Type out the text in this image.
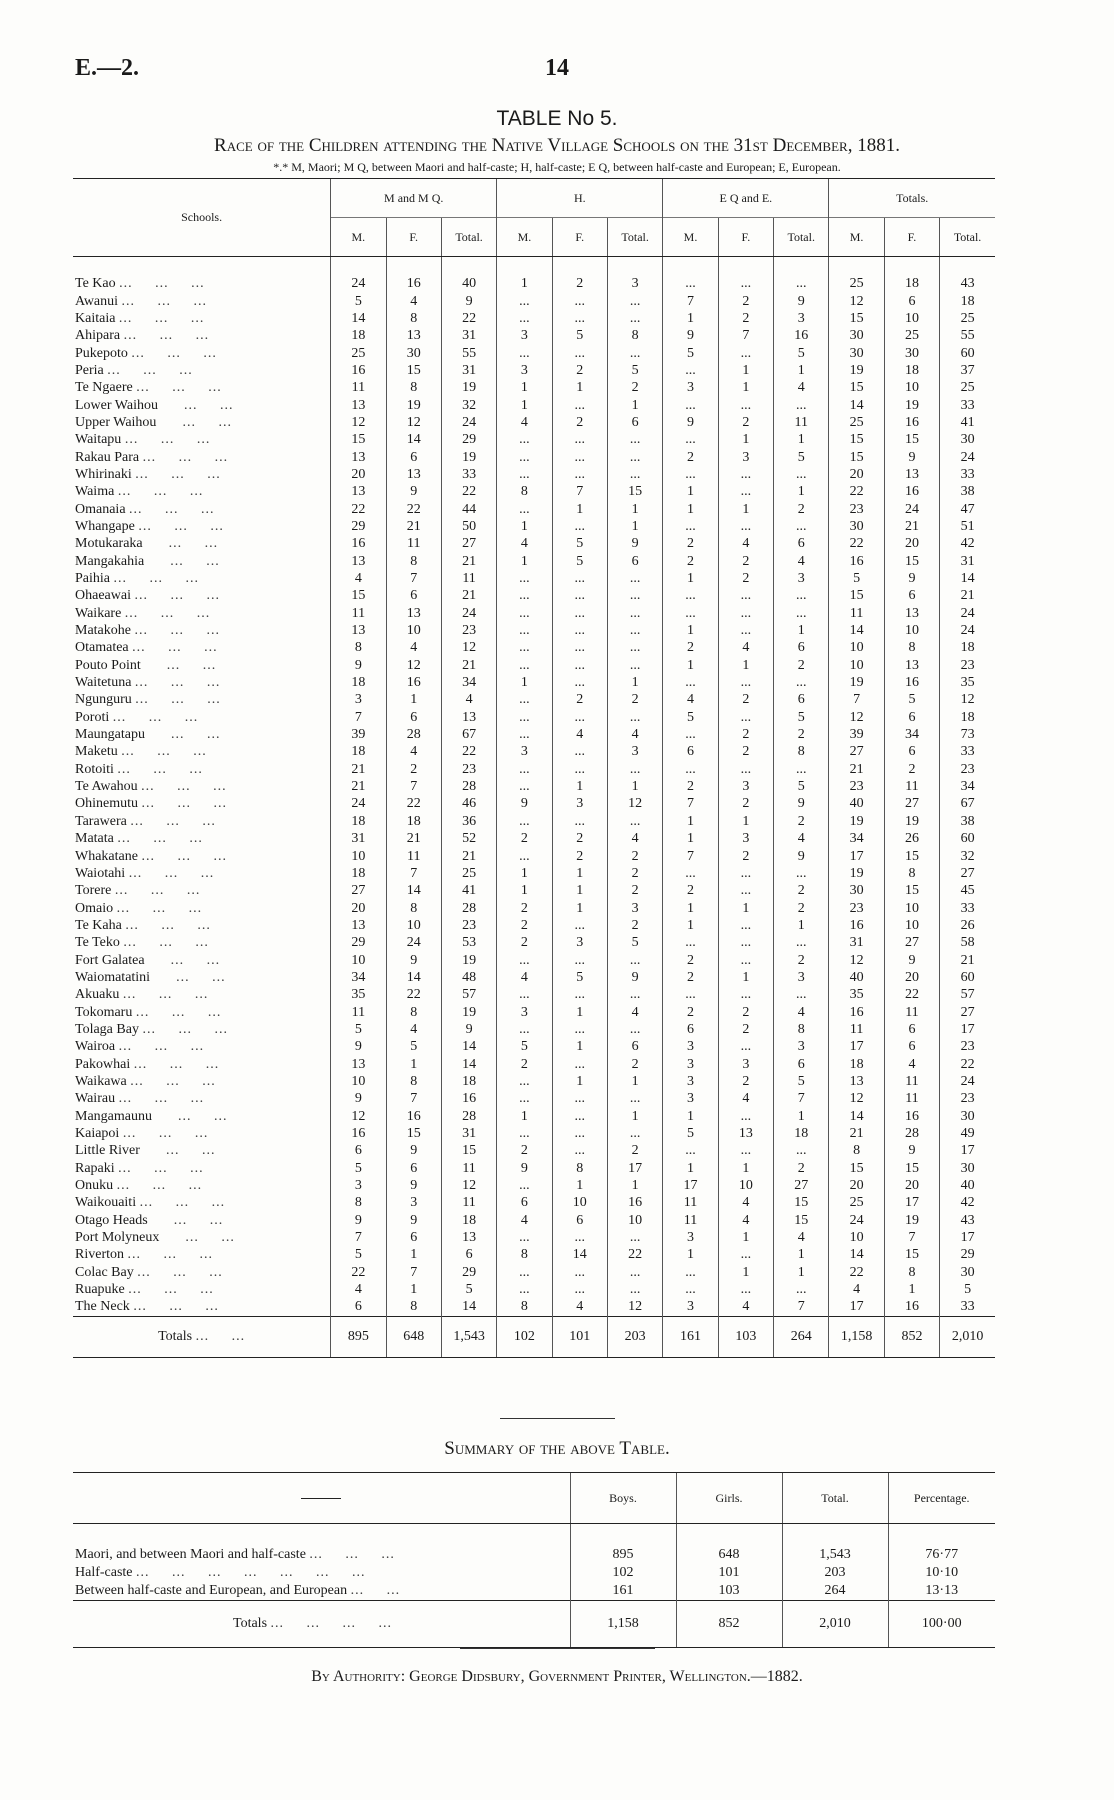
E.—2.	14
TABLE No 5.
Race of the Children attending the Native Village Schools on the 31st December, 1881.
*.* M, Maori; M Q, between Maori and half-caste; H, half-caste; E Q, between half-caste and European; E, European.
Schools.	M and M Q.			H.			E Q and E.			Totals.		
	M.	F.	Total.	M.	F.	Total.	M.	F.	Total.	M.	F.	Total.
Te Kao ...     ...     ...	24	16	40	1	2	3	...	...	...	25	18	43
Awanui ...     ...     ...	5	4	9	...	...	...	7	2	9	12	6	18
Kaitaia ...     ...     ...	14	8	22	...	...	...	1	2	3	15	10	25
Ahipara ...     ...     ...	18	13	31	3	5	8	9	7	16	30	25	55
Pukepoto ...     ...     ...	25	30	55	...	...	...	5	...	5	30	30	60
Peria ...     ...     ...	16	15	31	3	2	5	...	1	1	19	18	37
Te Ngaere ...     ...     ...	11	8	19	1	1	2	3	1	4	15	10	25
Lower Waihou      ...     ...	13	19	32	1	...	1	...	...	...	14	19	33
Upper Waihou      ...     ...	12	12	24	4	2	6	9	2	11	25	16	41
Waitapu ...     ...     ...	15	14	29	...	...	...	...	1	1	15	15	30
Rakau Para ...     ...     ...	13	6	19	...	...	...	2	3	5	15	9	24
Whirinaki ...     ...     ...	20	13	33	...	...	...	...	...	...	20	13	33
Waima ...     ...     ...	13	9	22	8	7	15	1	...	1	22	16	38
Omanaia ...     ...     ...	22	22	44	...	1	1	1	1	2	23	24	47
Whangape ...     ...     ...	29	21	50	1	...	1	...	...	...	30	21	51
Motukaraka      ...     ...	16	11	27	4	5	9	2	4	6	22	20	42
Mangakahia      ...     ...	13	8	21	1	5	6	2	2	4	16	15	31
Paihia ...     ...     ...	4	7	11	...	...	...	1	2	3	5	9	14
Ohaeawai ...     ...     ...	15	6	21	...	...	...	...	...	...	15	6	21
Waikare ...     ...     ...	11	13	24	...	...	...	...	...	...	11	13	24
Matakohe ...     ...     ...	13	10	23	...	...	...	1	...	1	14	10	24
Otamatea ...     ...     ...	8	4	12	...	...	...	2	4	6	10	8	18
Pouto Point      ...     ...	9	12	21	...	...	...	1	1	2	10	13	23
Waitetuna ...     ...     ...	18	16	34	1	...	1	...	...	...	19	16	35
Ngunguru ...     ...     ...	3	1	4	...	2	2	4	2	6	7	5	12
Poroti ...     ...     ...	7	6	13	...	...	...	5	...	5	12	6	18
Maungatapu      ...     ...	39	28	67	...	4	4	...	2	2	39	34	73
Maketu ...     ...     ...	18	4	22	3	...	3	6	2	8	27	6	33
Rotoiti ...     ...     ...	21	2	23	...	...	...	...	...	...	21	2	23
Te Awahou ...     ...     ...	21	7	28	...	1	1	2	3	5	23	11	34
Ohinemutu ...     ...     ...	24	22	46	9	3	12	7	2	9	40	27	67
Tarawera ...     ...     ...	18	18	36	...	...	...	1	1	2	19	19	38
Matata ...     ...     ...	31	21	52	2	2	4	1	3	4	34	26	60
Whakatane ...     ...     ...	10	11	21	...	2	2	7	2	9	17	15	32
Waiotahi ...     ...     ...	18	7	25	1	1	2	...	...	...	19	8	27
Torere ...     ...     ...	27	14	41	1	1	2	2	...	2	30	15	45
Omaio ...     ...     ...	20	8	28	2	1	3	1	1	2	23	10	33
Te Kaha ...     ...     ...	13	10	23	2	...	2	1	...	1	16	10	26
Te Teko ...     ...     ...	29	24	53	2	3	5	...	...	...	31	27	58
Fort Galatea      ...     ...	10	9	19	...	...	...	2	...	2	12	9	21
Waiomatatini      ...     ...	34	14	48	4	5	9	2	1	3	40	20	60
Akuaku ...     ...     ...	35	22	57	...	...	...	...	...	...	35	22	57
Tokomaru ...     ...     ...	11	8	19	3	1	4	2	2	4	16	11	27
Tolaga Bay ...     ...     ...	5	4	9	...	...	...	6	2	8	11	6	17
Wairoa ...     ...     ...	9	5	14	5	1	6	3	...	3	17	6	23
Pakowhai ...     ...     ...	13	1	14	2	...	2	3	3	6	18	4	22
Waikawa ...     ...     ...	10	8	18	...	1	1	3	2	5	13	11	24
Wairau ...     ...     ...	9	7	16	...	...	...	3	4	7	12	11	23
Mangamaunu      ...     ...	12	16	28	1	...	1	1	...	1	14	16	30
Kaiapoi ...     ...     ...	16	15	31	...	...	...	5	13	18	21	28	49
Little River      ...     ...	6	9	15	2	...	2	...	...	...	8	9	17
Rapaki ...     ...     ...	5	6	11	9	8	17	1	1	2	15	15	30
Onuku ...     ...     ...	3	9	12	...	1	1	17	10	27	20	20	40
Waikouaiti ...     ...     ...	8	3	11	6	10	16	11	4	15	25	17	42
Otago Heads      ...     ...	9	9	18	4	6	10	11	4	15	24	19	43
Port Molyneux      ...     ...	7	6	13	...	...	...	3	1	4	10	7	17
Riverton ...     ...     ...	5	1	6	8	14	22	1	...	1	14	15	29
Colac Bay ...     ...     ...	22	7	29	...	...	...	...	1	1	22	8	30
Ruapuke ...     ...     ...	4	1	5	...	...	...	...	...	...	4	1	5
The Neck ...     ...     ...	6	8	14	8	4	12	3	4	7	17	16	33
Totals ...     ...	895	648	1,543	102	101	203	161	103	264	1,158	852	2,010
Summary of the above Table.
	Boys.	Girls.	Total.	Percentage.
Maori, and between Maori and half-caste ...     ...     ...	895	648	1,543	76·77
Half-caste ...     ...     ...     ...     ...     ...     ...	102	101	203	10·10
Between half-caste and European, and European ...     ...	161	103	264	13·13
Totals ...     ...     ...     ...	1,158	852	2,010	100·00
By Authority: George Didsbury, Government Printer, Wellington.—1882.
